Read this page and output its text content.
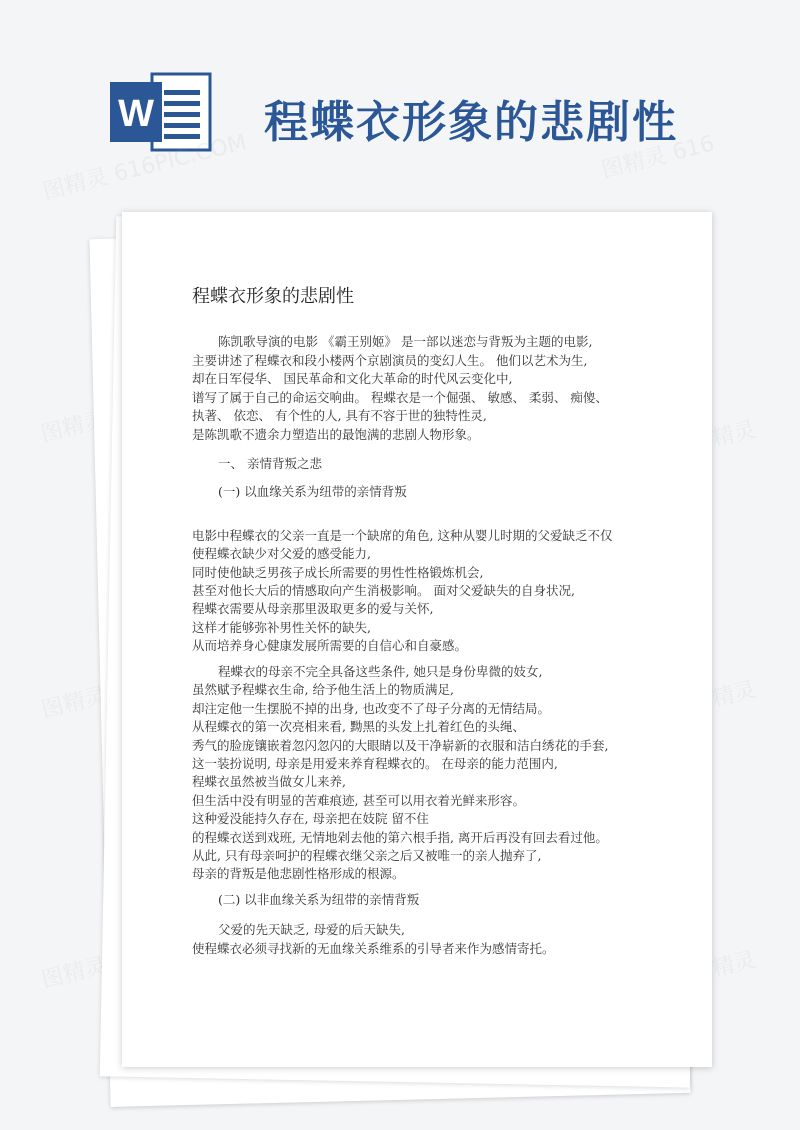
W	程蝶衣形象的悲剧性
图精灵 616PIC.COM	图精灵 616
图精灵	图精灵
图精灵 616	图精灵
图精灵 616	图精灵
程蝶衣形象的悲剧性
陈凯歌导演的电影 《霸王别姬》 是一部以迷恋与背叛为主题的电影,
主要讲述了程蝶衣和段小楼两个京剧演员的变幻人生。 他们以艺术为生,
却在日军侵华、 国民革命和文化大革命的时代风云变化中,
谱写了属于自己的命运交响曲。 程蝶衣是一个倔强、 敏感、 柔弱、 痴傻、
执著、 依恋、 有个性的人, 具有不容于世的独特性灵,
是陈凯歌不遗余力塑造出的最饱满的悲剧人物形象。
一、 亲情背叛之悲
(一) 以血缘关系为纽带的亲情背叛
电影中程蝶衣的父亲一直是一个缺席的角色, 这种从婴儿时期的父爱缺乏不仅
使程蝶衣缺少对父爱的感受能力,
同时使他缺乏男孩子成长所需要的男性性格锻炼机会,
甚至对他长大后的情感取向产生消极影响。 面对父爱缺失的自身状况,
程蝶衣需要从母亲那里汲取更多的爱与关怀,
这样才能够弥补男性关怀的缺失,
从而培养身心健康发展所需要的自信心和自豪感。
程蝶衣的母亲不完全具备这些条件, 她只是身份卑微的妓女,
虽然赋予程蝶衣生命, 给予他生活上的物质满足,
却注定他一生摆脱不掉的出身, 也改变不了母子分离的无情结局。
从程蝶衣的第一次亮相来看, 黝黑的头发上扎着红色的头绳、
秀气的脸庞镶嵌着忽闪忽闪的大眼睛以及干净崭新的衣服和洁白绣花的手套,
这一装扮说明, 母亲是用爱来养育程蝶衣的。 在母亲的能力范围内,
程蝶衣虽然被当做女儿来养,
但生活中没有明显的苦难痕迹, 甚至可以用衣着光鲜来形容。
这种爱没能持久存在, 母亲把在妓院 留不住
的程蝶衣送到戏班, 无情地剁去他的第六根手指, 离开后再没有回去看过他。
从此, 只有母亲呵护的程蝶衣继父亲之后又被唯一的亲人抛弃了,
母亲的背叛是他悲剧性格形成的根源。
(二) 以非血缘关系为纽带的亲情背叛
父爱的先天缺乏, 母爱的后天缺失,
使程蝶衣必须寻找新的无血缘关系维系的引导者来作为感情寄托。
